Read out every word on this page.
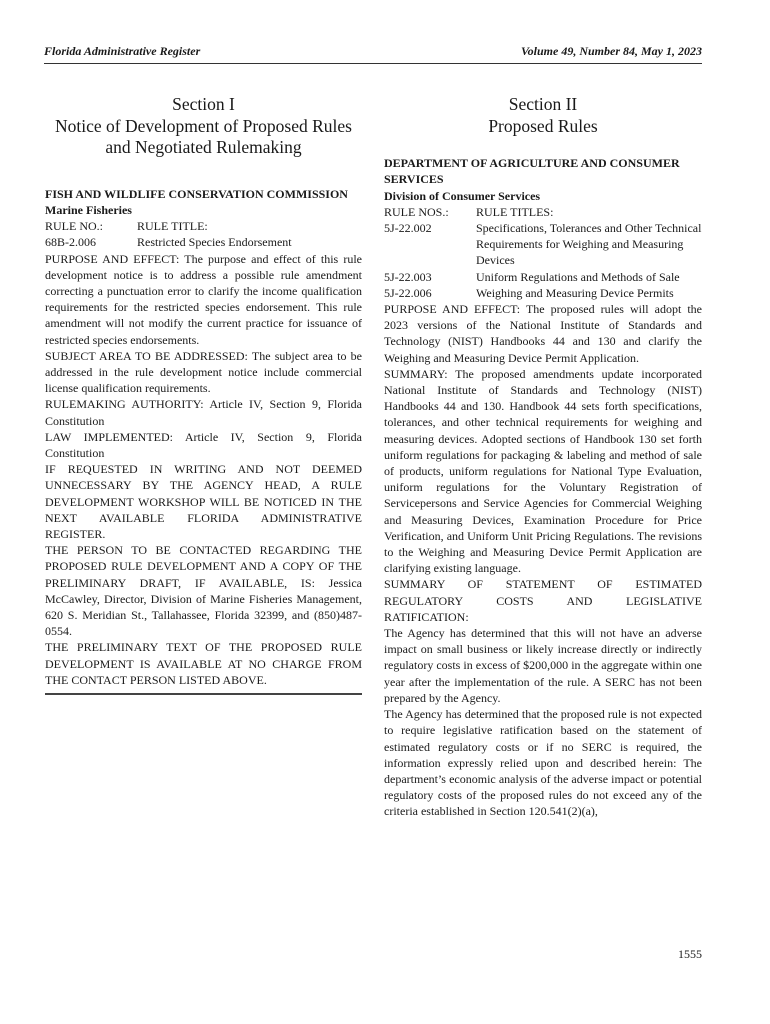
Florida Administrative Register	Volume 49, Number 84, May 1, 2023
Section I
Notice of Development of Proposed Rules
and Negotiated Rulemaking
FISH AND WILDLIFE CONSERVATION COMMISSION
Marine Fisheries
RULE NO.:	RULE TITLE:
68B-2.006	Restricted Species Endorsement
PURPOSE AND EFFECT: The purpose and effect of this rule development notice is to address a possible rule amendment correcting a punctuation error to clarify the income qualification requirements for the restricted species endorsement. This rule amendment will not modify the current practice for issuance of restricted species endorsements.
SUBJECT AREA TO BE ADDRESSED: The subject area to be addressed in the rule development notice include commercial license qualification requirements.
RULEMAKING AUTHORITY: Article IV, Section 9, Florida Constitution
LAW IMPLEMENTED: Article IV, Section 9, Florida Constitution
IF REQUESTED IN WRITING AND NOT DEEMED UNNECESSARY BY THE AGENCY HEAD, A RULE DEVELOPMENT WORKSHOP WILL BE NOTICED IN THE NEXT AVAILABLE FLORIDA ADMINISTRATIVE REGISTER.
THE PERSON TO BE CONTACTED REGARDING THE PROPOSED RULE DEVELOPMENT AND A COPY OF THE PRELIMINARY DRAFT, IF AVAILABLE, IS: Jessica McCawley, Director, Division of Marine Fisheries Management, 620 S. Meridian St., Tallahassee, Florida 32399, and (850)487-0554.
THE PRELIMINARY TEXT OF THE PROPOSED RULE DEVELOPMENT IS AVAILABLE AT NO CHARGE FROM THE CONTACT PERSON LISTED ABOVE.
Section II
Proposed Rules
DEPARTMENT OF AGRICULTURE AND CONSUMER SERVICES
Division of Consumer Services
RULE NOS.:	RULE TITLES:
5J-22.002	Specifications, Tolerances and Other Technical Requirements for Weighing and Measuring Devices
5J-22.003	Uniform Regulations and Methods of Sale
5J-22.006	Weighing and Measuring Device Permits
PURPOSE AND EFFECT: The proposed rules will adopt the 2023 versions of the National Institute of Standards and Technology (NIST) Handbooks 44 and 130 and clarify the Weighing and Measuring Device Permit Application.
SUMMARY: The proposed amendments update incorporated National Institute of Standards and Technology (NIST) Handbooks 44 and 130. Handbook 44 sets forth specifications, tolerances, and other technical requirements for weighing and measuring devices. Adopted sections of Handbook 130 set forth uniform regulations for packaging & labeling and method of sale of products, uniform regulations for National Type Evaluation, uniform regulations for the Voluntary Registration of Servicepersons and Service Agencies for Commercial Weighing and Measuring Devices, Examination Procedure for Price Verification, and Uniform Unit Pricing Regulations. The revisions to the Weighing and Measuring Device Permit Application are clarifying existing language.
SUMMARY OF STATEMENT OF ESTIMATED REGULATORY COSTS AND LEGISLATIVE
RATIFICATION:
The Agency has determined that this will not have an adverse impact on small business or likely increase directly or indirectly regulatory costs in excess of $200,000 in the aggregate within one year after the implementation of the rule. A SERC has not been prepared by the Agency.
The Agency has determined that the proposed rule is not expected to require legislative ratification based on the statement of estimated regulatory costs or if no SERC is required, the information expressly relied upon and described herein: The department’s economic analysis of the adverse impact or potential regulatory costs of the proposed rules do not exceed any of the criteria established in Section 120.541(2)(a),
1555
